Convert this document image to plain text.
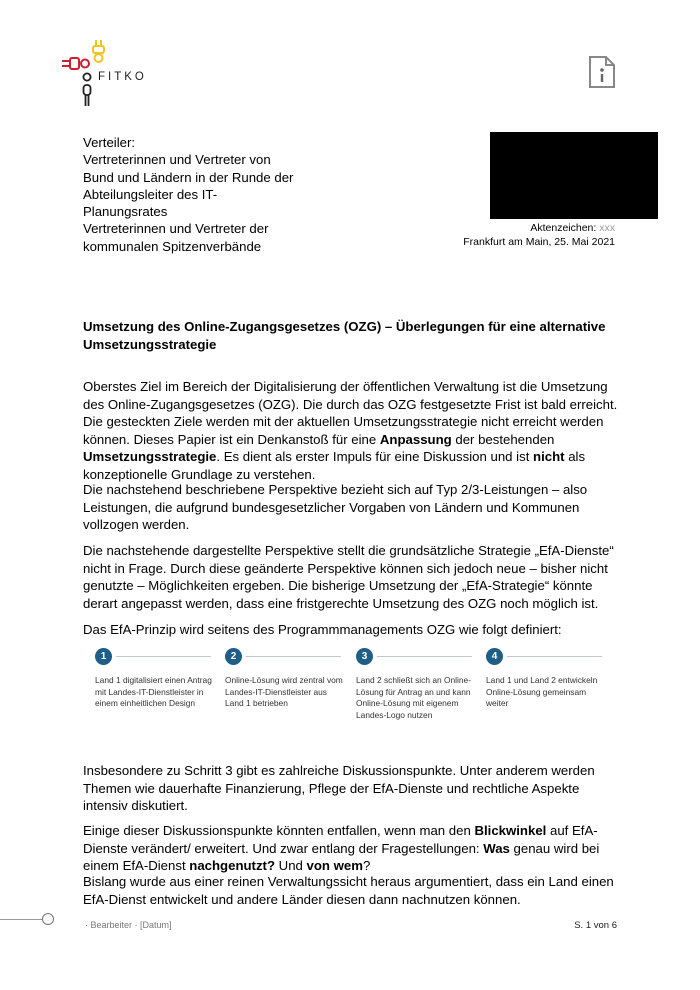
FITKO
Verteiler:
Vertreterinnen und Vertreter von
Bund und Ländern in der Runde der
Abteilungsleiter des IT-
Planungsrates
Vertreterinnen und Vertreter der
kommunalen Spitzenverbände
Aktenzeichen: xxx
Frankfurt am Main, 25. Mai 2021
Umsetzung des Online-Zugangsgesetzes (OZG) – Überlegungen für eine alternative Umsetzungsstrategie
Oberstes Ziel im Bereich der Digitalisierung der öffentlichen Verwaltung ist die Umsetzung des Online-Zugangsgesetzes (OZG). Die durch das OZG festgesetzte Frist ist bald erreicht. Die gesteckten Ziele werden mit der aktuellen Umsetzungsstrategie nicht erreicht werden können. Dieses Papier ist ein Denkanstoß für eine Anpassung der bestehenden Umsetzungsstrategie. Es dient als erster Impuls für eine Diskussion und ist nicht als konzeptionelle Grundlage zu verstehen.
Die nachstehend beschriebene Perspektive bezieht sich auf Typ 2/3-Leistungen – also Leistungen, die aufgrund bundesgesetzlicher Vorgaben von Ländern und Kommunen vollzogen werden.
Die nachstehende dargestellte Perspektive stellt die grundsätzliche Strategie „EfA-Dienste“ nicht in Frage. Durch diese geänderte Perspektive können sich jedoch neue – bisher nicht genutzte – Möglichkeiten ergeben. Die bisherige Umsetzung der „EfA-Strategie“ könnte derart angepasst werden, dass eine fristgerechte Umsetzung des OZG noch möglich ist.
Das EfA-Prinzip wird seitens des Programmmanagements OZG wie folgt definiert:
1
Land 1 digitalisiert einen Antrag mit Landes-IT-Dienstleister in einem einheitlichen Design
2
Online-Lösung wird zentral vom Landes-IT-Dienstleister aus Land 1 betrieben
3
Land 2 schließt sich an Online-Lösung für Antrag an und kann Online-Lösung mit eigenem Landes-Logo nutzen
4
Land 1 und Land 2 entwickeln Online-Lösung gemeinsam weiter
Insbesondere zu Schritt 3 gibt es zahlreiche Diskussionspunkte. Unter anderem werden Themen wie dauerhafte Finanzierung, Pflege der EfA-Dienste und rechtliche Aspekte intensiv diskutiert.
Einige dieser Diskussionspunkte könnten entfallen, wenn man den Blickwinkel auf EfA-Dienste verändert/ erweitert. Und zwar entlang der Fragestellungen: Was genau wird bei einem EfA-Dienst nachgenutzt? Und von wem?
Bislang wurde aus einer reinen Verwaltungssicht heraus argumentiert, dass ein Land einen EfA-Dienst entwickelt und andere Länder diesen dann nachnutzen können.
· Bearbeiter · [Datum]	S. 1 von 6
